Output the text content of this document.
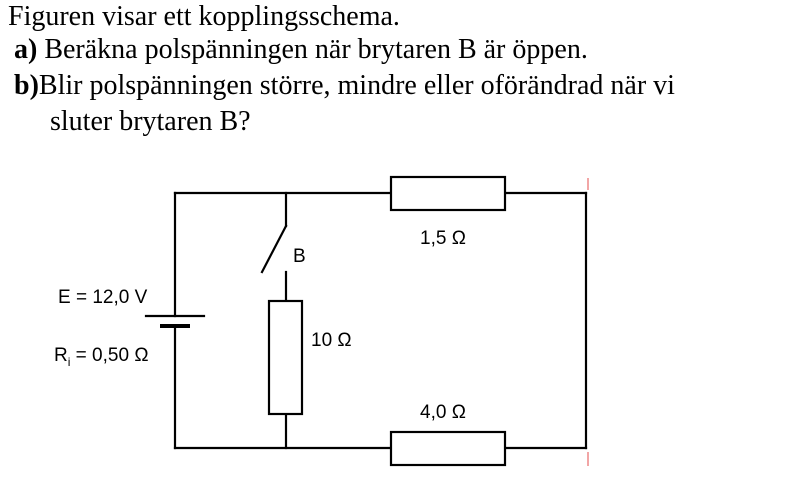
Figuren visar ett kopplingsschema.
a) Beräkna polspänningen när brytaren B är öppen.
b)Blir polspänningen större, mindre eller oförändrad när vi
sluter brytaren B?
B
1,5 Ω
10 Ω
4,0 Ω
E = 12,0 V
$R_i = 0,50$ Ω
